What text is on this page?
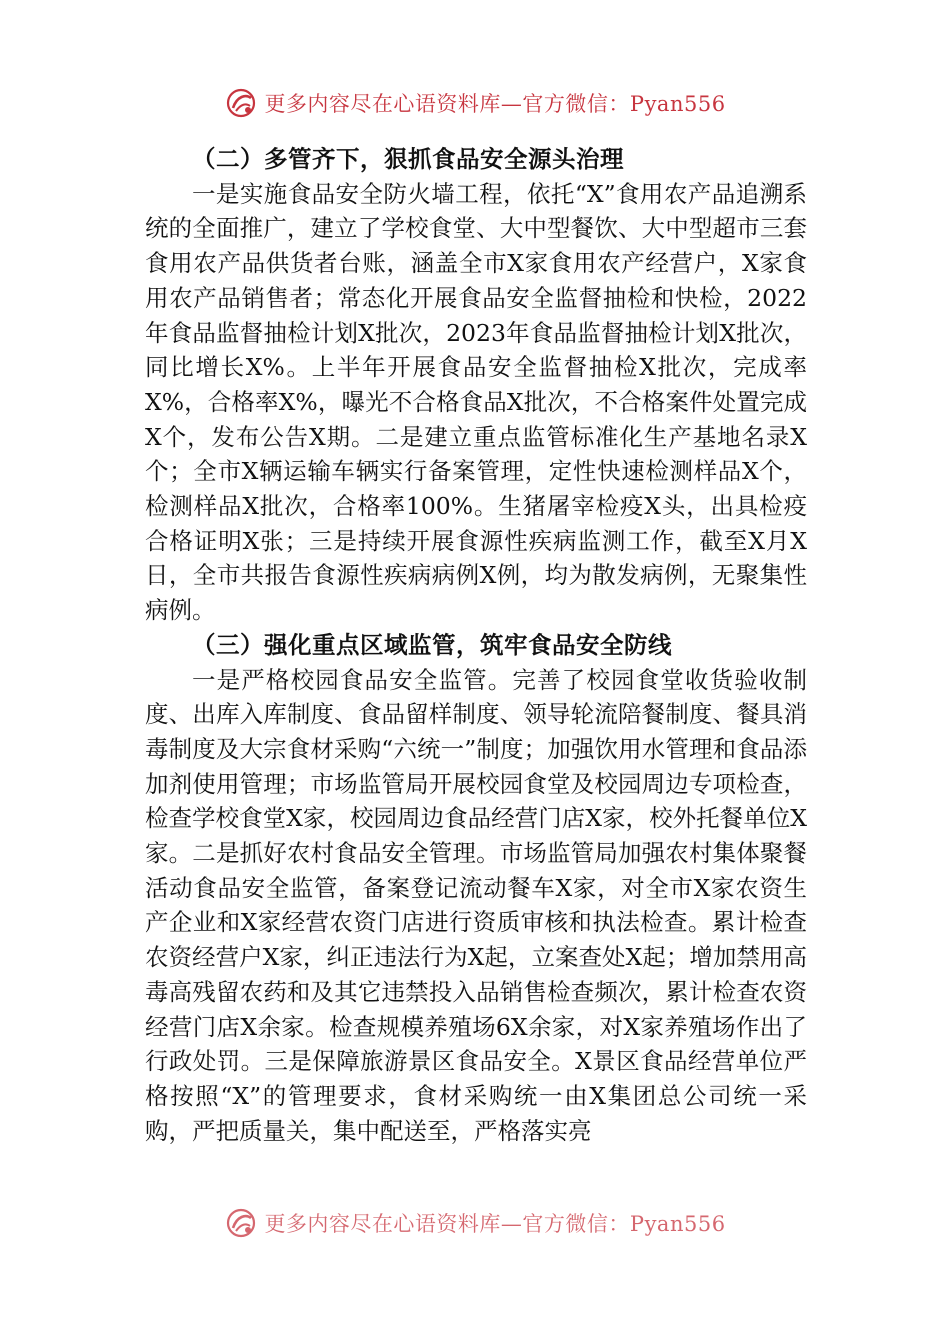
更多内容尽在心语资料库—官方微信：Pyan556
（二）多管齐下，狠抓食品安全源头治理

一是实施食品安全防火墙工程，依托“X”食用农产品追溯系统的全面推广，建立了学校食堂、大中型餐饮、大中型超市三套食用农产品供货者台账，涵盖全市X家食用农产经营户，X家食用农产品销售者；常态化开展食品安全监督抽检和快检，2022年食品监督抽检计划X批次，2023年食品监督抽检计划X批次，同比增长X%。上半年开展食品安全监督抽检X批次，完成率X%，合格率X%，曝光不合格食品X批次，不合格案件处置完成X个，发布公告X期。二是建立重点监管标准化生产基地名录X个；全市X辆运输车辆实行备案管理，定性快速检测样品X个，检测样品X批次，合格率100%。生猪屠宰检疫X头，出具检疫合格证明X张；三是持续开展食源性疾病监测工作，截至X月X日，全市共报告食源性疾病病例X例，均为散发病例，无聚集性病例。

（三）强化重点区域监管，筑牢食品安全防线

一是严格校园食品安全监管。完善了校园食堂收货验收制度、出库入库制度、食品留样制度、领导轮流陪餐制度、餐具消毒制度及大宗食材采购“六统一”制度；加强饮用水管理和食品添加剂使用管理；市场监管局开展校园食堂及校园周边专项检查，检查学校食堂X家，校园周边食品经营门店X家，校外托餐单位X家。二是抓好农村食品安全管理。市场监管局加强农村集体聚餐活动食品安全监管，备案登记流动餐车X家，对全市X家农资生产企业和X家经营农资门店进行资质审核和执法检查。累计检查农资经营户X家，纠正违法行为X起，立案查处X起；增加禁用高毒高残留农药和及其它违禁投入品销售检查频次，累计检查农资经营门店X余家。检查规模养殖场6X余家，对X家养殖场作出了行政处罚。三是保障旅游景区食品安全。X景区食品经营单位严格按照“X”的管理要求，食材采购统一由X集团总公司统一采购，严把质量关，集中配送至，严格落实亮

更多内容尽在心语资料库—官方微信：Pyan556
